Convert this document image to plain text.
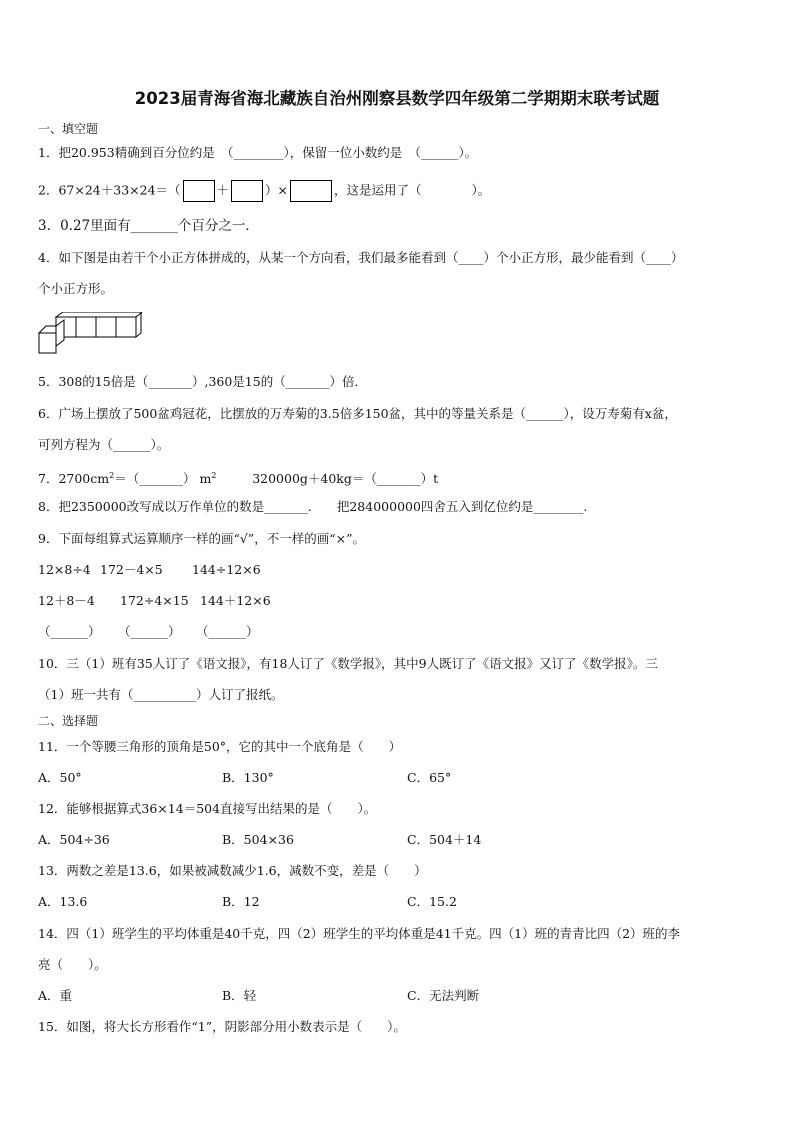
2023届青海省海北藏族自治州刚察县数学四年级第二学期期末联考试题
一、填空题
1．把20.953精确到百分位约是　（________），保留一位小数约是　（______）。
2．67×24＋33×24＝（	＋	）×	，这是运用了（　　　　）。
3．0.27里面有_______个百分之一．
4．如下图是由若干个小正方体拼成的，从某一个方向看，我们最多能看到（____）个小正方形，最少能看到（____）
个小正方形。
5．308的15倍是（_______）,360是15的（_______）倍．
6．广场上摆放了500盆鸡冠花，比摆放的万寿菊的3.5倍多150盆，其中的等量关系是（______），设万寿菊有x盆，
可列方程为（______）。
7．$2700cm^2=(\_\_\_\_\_\_\_)$ $m^2$	320000g＋40kg＝（_______）t
8．把2350000改写成以万作单位的数是_______.　　把284000000四舍五入到亿位约是________.
9．下面每组算式运算顺序一样的画“√”，不一样的画“×”。
12×8÷4 172－4×5 144÷12×6
12＋8－4 172÷4×15 144＋12×6
（______） （______） （______）
10．三（1）班有35人订了《语文报》，有18人订了《数学报》，其中9人既订了《语文报》又订了《数学报》。三
（1）班一共有（__________）人订了报纸。
二、选择题
11．一个等腰三角形的顶角是50°，它的其中一个底角是（　　）
A．50°	B．130°	C．65°
12．能够根据算式36×14＝504直接写出结果的是（　　）。
A．504÷36	B．504×36	C．504＋14
13．两数之差是13.6，如果被减数减少1.6，减数不变，差是（　　）
A．13.6	B．12	C．15.2
14．四（1）班学生的平均体重是40千克，四（2）班学生的平均体重是41千克。四（1）班的青青比四（2）班的李
亮（　　）。
A．重	B．轻	C．无法判断
15．如图，将大长方形看作“1”，阴影部分用小数表示是（　　）。
